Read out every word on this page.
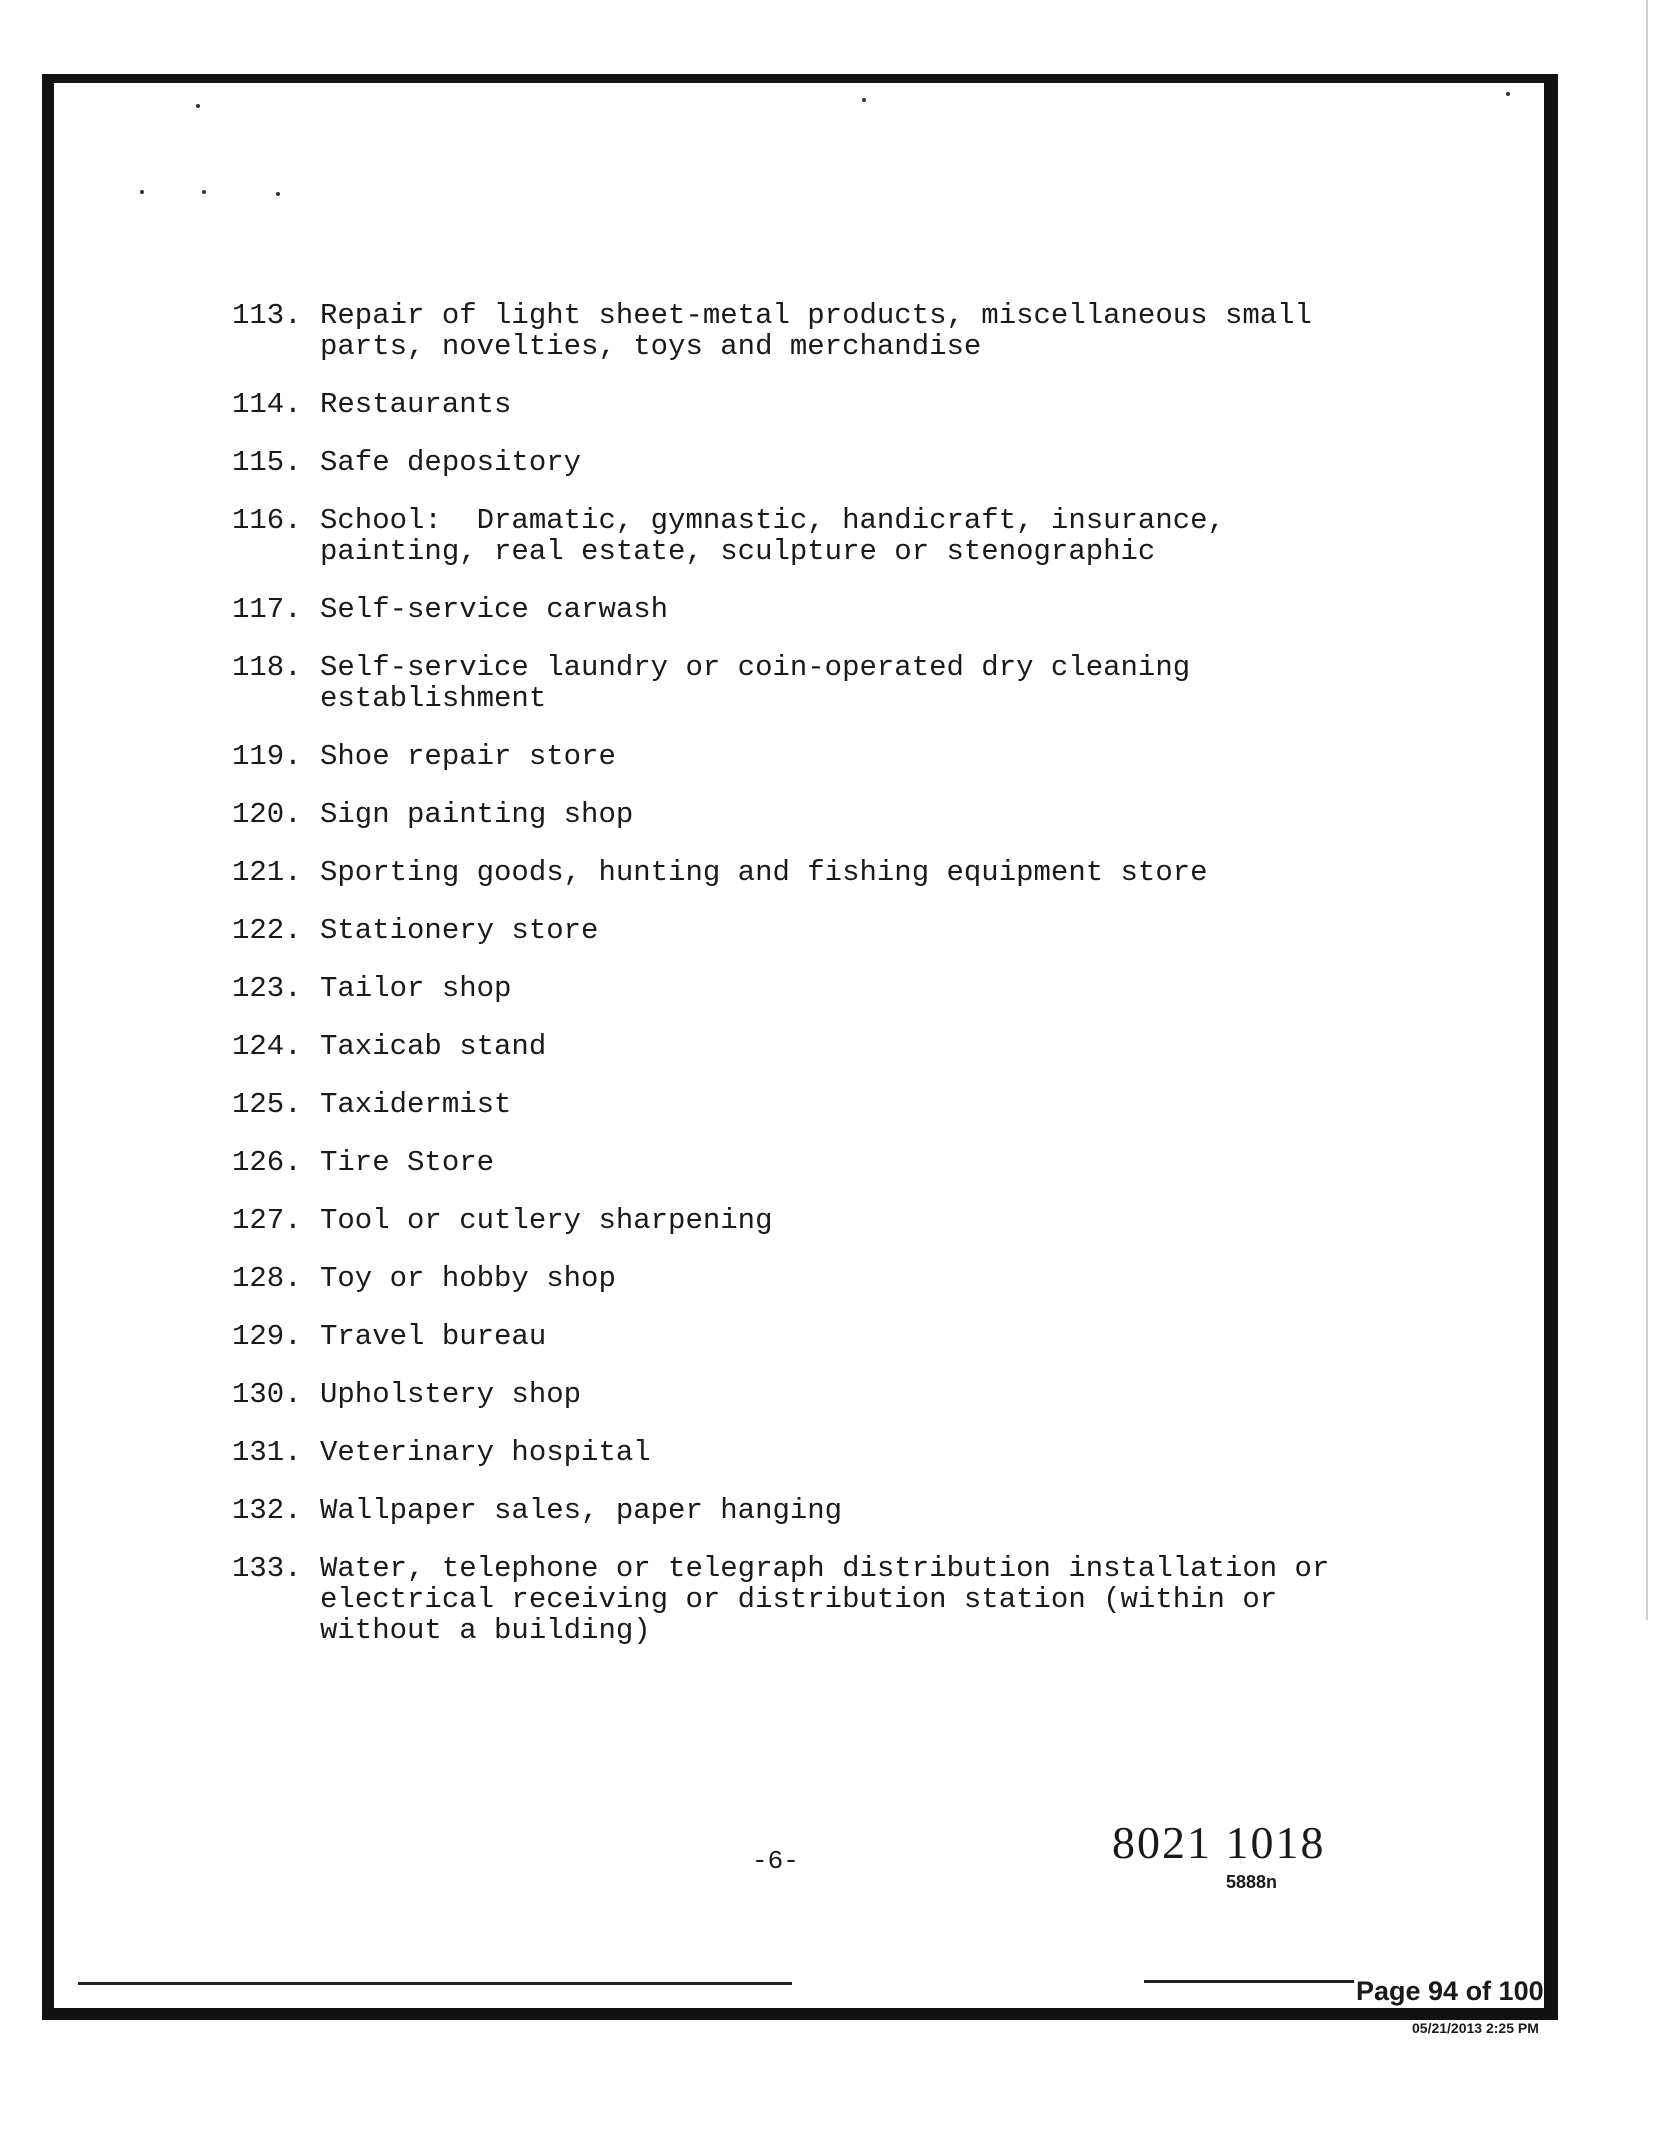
113. Repair of light sheet-metal products, miscellaneous small
parts, novelties, toys and merchandise
114. Restaurants
115. Safe depository
116. School:  Dramatic, gymnastic, handicraft, insurance,
painting, real estate, sculpture or stenographic
117. Self-service carwash
118. Self-service laundry or coin-operated dry cleaning
establishment
119. Shoe repair store
120. Sign painting shop
121. Sporting goods, hunting and fishing equipment store
122. Stationery store
123. Tailor shop
124. Taxicab stand
125. Taxidermist
126. Tire Store
127. Tool or cutlery sharpening
128. Toy or hobby shop
129. Travel bureau
130. Upholstery shop
131. Veterinary hospital
132. Wallpaper sales, paper hanging
133. Water, telephone or telegraph distribution installation or
electrical receiving or distribution station (within or
without a building)
-6-	8021 1018
5888n
Page 94 of 100
05/21/2013 2:25 PM
